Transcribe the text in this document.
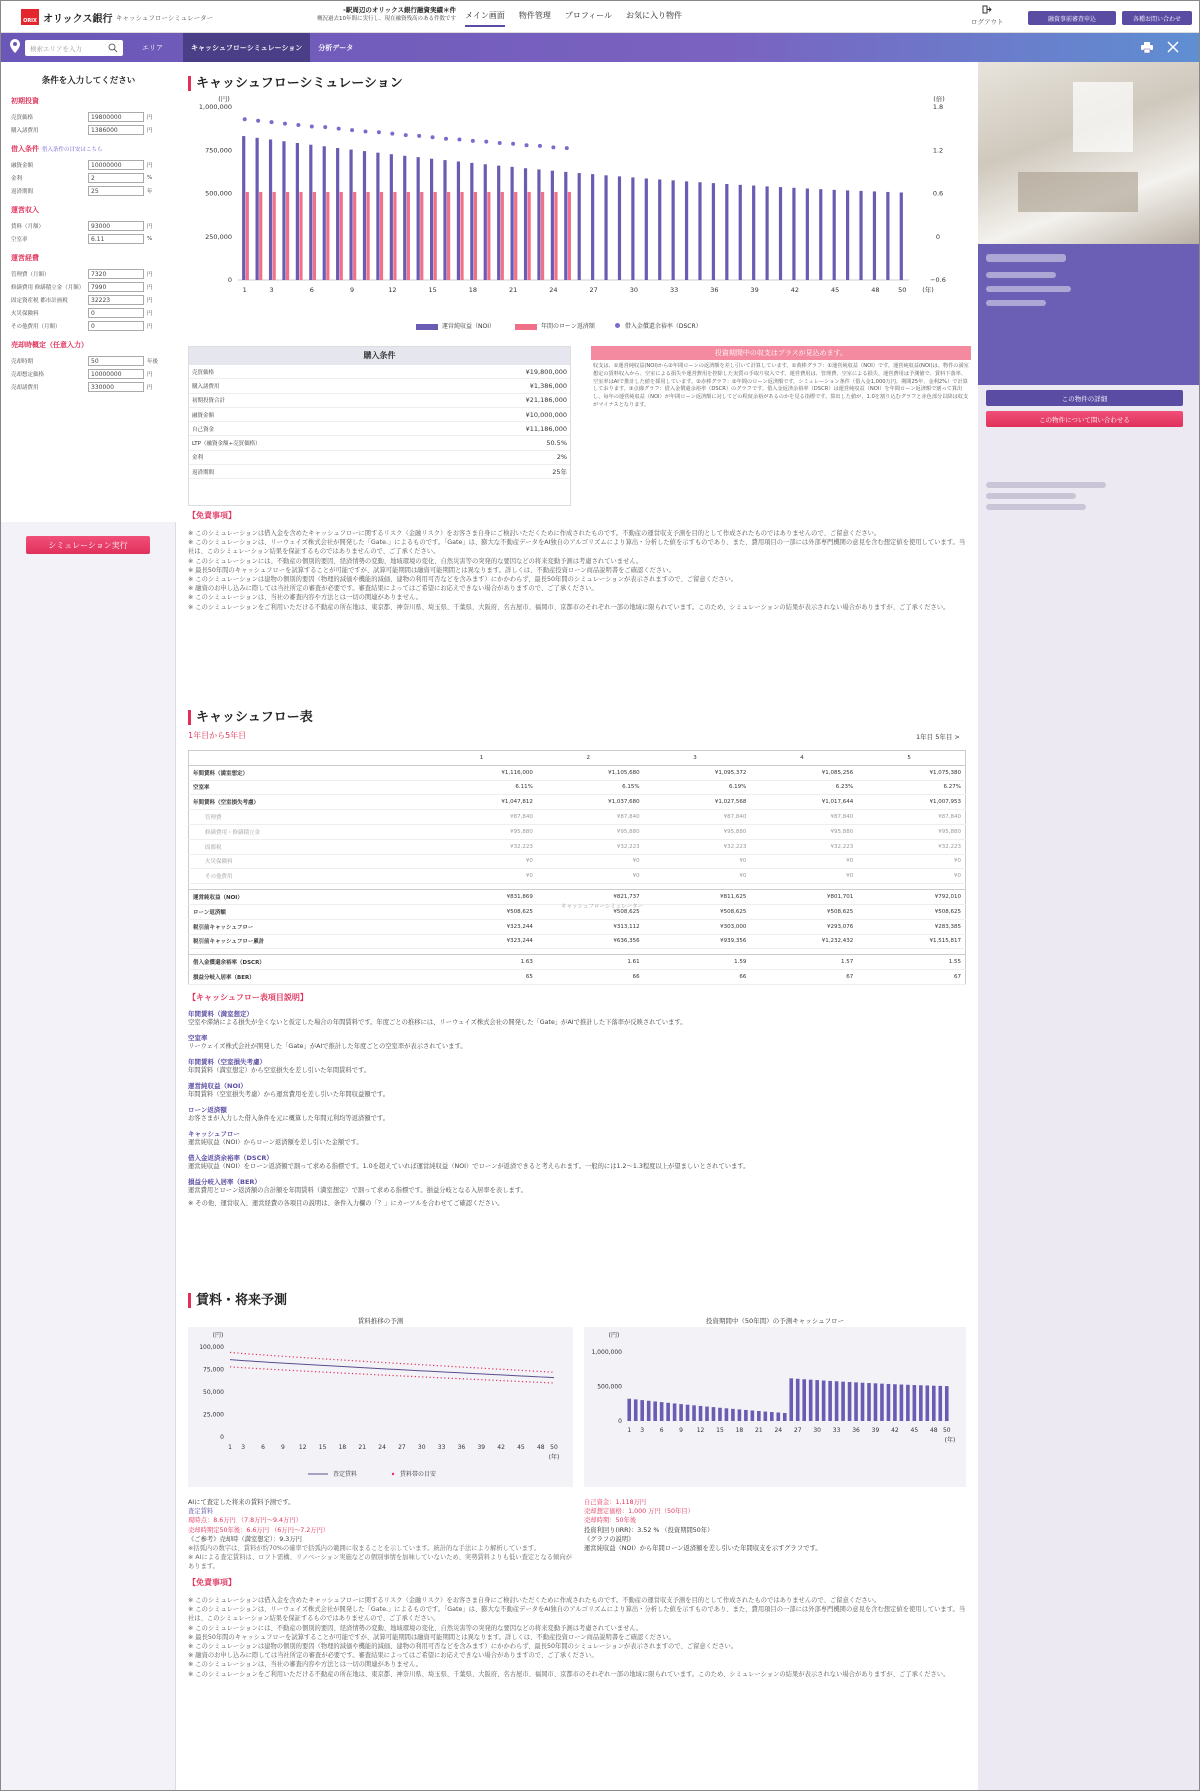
ORIX オリックス銀行 キャッシュフローシミュレーター
-駅周辺のオリックス銀行融資実績＊件
概況過去10年間に実行し、現在融資残高のある件数です メイン画面 物件管理 プロフィール お気に入り物件

ログアウト	融資事前審査申込	各種お問い合わせ
検索エリアを入力	エリア	キャッシュフローシミュレーション	分析データ
条件を入力してください
初期投資
売買価格	19800000	円
購入諸費用	1386000	円
借入条件 借入条件の目安はこちら
融資金額	10000000	円
金利	2	%
返済期間	25	年
運営収入
賃料（月額）	93000	円
空室率	6.11	%
運営経費
管理費（月額）	7320	円
修繕費用 修繕積立金（月額）	7990	円
固定資産税 都市計画税	32223	円
火災保険料	0	円
その他費用（月額）	0	円
売却時概定（任意入力）
売却時期	50	年後
売却想定価格	10000000	円
売却諸費用	330000	円
シミュレーション実行
キャッシュフローシミュレーション
(円)	(倍)
1,000,000
750,000
500,000
250,000
0
1.8
1.2
0.6
0
−0.6
1	3	6	9	12	15	18	21	24	27	30	33	36	39	42	45	48	50 (年)
運営純収益（NOI）	年間のローン返済額	借入金償還余裕率（DSCR）
購入条件
売買価格	¥19,800,000
購入諸費用	¥1,386,000
初期投資合計	¥21,186,000
融資金額	¥10,000,000
自己資金	¥11,186,000
LTP（融資金額÷売買価格）	50.5%
金利	2%
返済期間	25年
投資期間中の収支はプラスが見込めます。

収支は、①運営純収益(NOI)から②年間ローンの返済額を差し引いて計算しています。①黄棒グラフ：①運営純収益（NOI）です。運営純収益(NOI)は、物件の満室想定の賃料収入から、空室による損失や運営費用を控除した実質の手取り収入です。運営費用は、管理費、空室による損失、運営費用は予測値で、賃料下落率、空室率はAIで推計した値を採用しています。②赤棒グラフ：②年間のローン返済額です。シミュレーション条件（借入金1,000万円、期間25年、金利2%）で計算しております。③点線グラフ：借入金償還余裕率（DSCR）のグラフです。借入金返済余裕率（DSCR）は運営純収益（NOI）を年間ローン返済額で割って算出し、毎年の運営純収益（NOI）が年間ローン返済額に対してどの程度余裕があるのかを見る指標です。算出した値が、1.0を割り込むグラフと赤色部分以降は収支がマイナスとなります。

【免責事項】

※ このシミュレーションは借入金を含めたキャッシュフローに関するリスク（金融リスク）をお客さま自身にご検討いただくために作成されたものです。不動産の運営収支予測を目的として作成されたものではありませんので、ご留意ください。

※ このシミュレーションは、リーウェイズ株式会社が開発した「Gate.」によるものです。「Gate」は、膨大な不動産データをAI独自のアルゴリズムにより算出・分析した値を示すものであり、また、費用項目の一部には外部専門機関の意見を含む想定値を使用しています。当社は、このシミュレーション結果を保証するものではありませんので、ご了承ください。

※ このシミュレーションには、不動産の個別的要因、経済情勢の変動、地域環境の変化、自然災害等の突発的な要因などの将来変動予測は考慮されていません。

※ 最長50年間のキャッシュフローを試算することが可能ですが、試算可能期間は融資可能期間とは異なります。詳しくは、不動産投資ローン商品説明書をご確認ください。

※ このシミュレーションは建物の個別的要因（物理的減価や機能的減価、建物の利用可否などを含みます）にかかわらず、最長50年間のシミュレーションが表示されますので、ご留意ください。

※ 融資のお申し込みに際しては当社所定の審査が必要です。審査結果によってはご希望にお応えできない場合がありますので、ご了承ください。

※ このシミュレーションは、当社の審査内容や方法とは一切の関連がありません。

※ このシミュレーションをご利用いただける不動産の所在地は、東京都、神奈川県、埼玉県、千葉県、大阪府、名古屋市、福岡市、京都市のそれぞれ一部の地域に限られています。このため、シミュレーションの結果が表示されない場合がありますが、ご了承ください。

キャッシュフロー表
1年目から5年目	1年目 5年目 >
	1	2	3	4	5
年間賃料（満室想定）	¥1,116,000	¥1,105,680	¥1,095,372	¥1,085,256	¥1,075,380
空室率	6.11%	6.15%	6.19%	6.23%	6.27%
年間賃料（空室損失考慮）	¥1,047,812	¥1,037,680	¥1,027,568	¥1,017,644	¥1,007,953
管理費	¥87,840	¥87,840	¥87,840	¥87,840	¥87,840
修繕費用・修繕積立金	¥95,880	¥95,880	¥95,880	¥95,880	¥95,880
固都税	¥32,223	¥32,223	¥32,223	¥32,223	¥32,223
火災保険料	¥0	¥0	¥0	¥0	¥0
その他費用	¥0	¥0	¥0	¥0	¥0

運営純収益（NOI）	¥831,869	¥821,737	¥811,625	¥801,701	¥792,010
ローン返済額	¥508,625	¥508,625	¥508,625	¥508,625	¥508,625
税引前キャッシュフロー	¥323,244	¥313,112	¥303,000	¥293,076	¥283,385
税引前キャッシュフロー累計	¥323,244	¥636,356	¥939,356	¥1,232,432	¥1,515,817

借入金償還余裕率（DSCR）	1.63	1.61	1.59	1.57	1.55
損益分岐入居率（BER）	65	66	66	67	67
キャッシュフローシミュレーター
【キャッシュフロー表項目説明】
年間賃料（満室想定）

空室や滞納による損失が全くないと仮定した場合の年間賃料です。年度ごとの推移には、リーウェイズ株式会社の開発した「Gate」がAIで推計した下落率が反映されています。

空室率

リーウェイズ株式会社が開発した「Gate」がAIで推計した年度ごとの空室率が表示されています。

年間賃料（空室損失考慮）

年間賃料（満室想定）から空室損失を差し引いた年間賃料です。

運営純収益（NOI）

年間賃料（空室損失考慮）から運営費用を差し引いた年間収益額です。

ローン返済額

お客さまが入力した借入条件を元に概算した年間元利均等返済額です。

キャッシュフロー

運営純収益（NOI）からローン返済額を差し引いた金額です。

借入金返済余裕率（DSCR）

運営純収益（NOI）をローン返済額で割って求める指標です。1.0を超えていれば運営純収益（NOI）でローンが返済できると考えられます。一般的には1.2～1.3程度以上が望ましいとされています。

損益分岐入居率（BER）

運営費用とローン返済額の合計額を年間賃料（満室想定）で割って求める指標です。損益分岐となる入居率を表します。

※ その他、運営収入、運営経費の各項目の説明は、条件入力欄の「？」にカーソルを合わせてご確認ください。

賃料・将来予測
賃料推移の予測	投資期間中（50年間）の予測キャッシュフロー
(円)
100,000
75,000
50,000
25,000
0
1 3	6	9 12 15 18 21 24 27 30 33 36 39 42 45 48 50
(年)
査定賃料	賃料帯の目安
(円)
1,000,000
500,000
0
1 3	6	9 12 15 18 21 24 27 30 33 36 39 42 45 48 50
(年)
AIにて査定した将来の賃料予測です。
査定賃料
現時点：8.6万円 （7.8万円〜9.4万円）
売却時期定50年後：6.6万円 （6万円〜7.2万円）
《ご参考》売却時（満室想定）：9.3万円
※括弧内の数字は、賃料が約70%の確率で括弧内の範囲に収まることを示しています。統計的な手法により解析しています。
※ AIによる査定賃料は、ロフト需構、リノベーション実施などの個別事情を加味していないため、実勢賃料よりも低い査定となる傾向があります。
自己資金：1,118万円
売却想定価格：1,000 万円（50年目）
売却時期：50年後
投資利回り(IRR)：3.52 % （投資期間50年）
《グラフの説明》
運営純収益（NOI）から年間ローン返済額を差し引いた年間収支を示すグラフです。
【免責事項】

※ このシミュレーションは借入金を含めたキャッシュフローに関するリスク（金融リスク）をお客さま自身にご検討いただくために作成されたものです。不動産の運営収支予測を目的として作成されたものではありませんので、ご留意ください。

※ このシミュレーションは、リーウェイズ株式会社が開発した「Gate.」によるものです。「Gate」は、膨大な不動産データをAI独自のアルゴリズムにより算出・分析した値を示すものであり、また、費用項目の一部には外部専門機関の意見を含む想定値を使用しています。当社は、このシミュレーション結果を保証するものではありませんので、ご了承ください。

※ このシミュレーションには、不動産の個別的要因、経済情勢の変動、地域環境の変化、自然災害等の突発的な要因などの将来変動予測は考慮されていません。

※ 最長50年間のキャッシュフローを試算することが可能ですが、試算可能期間は融資可能期間とは異なります。詳しくは、不動産投資ローン商品説明書をご確認ください。

※ このシミュレーションは建物の個別的要因（物理的減価や機能的減価、建物の利用可否などを含みます）にかかわらず、最長50年間のシミュレーションが表示されますので、ご留意ください。

※ 融資のお申し込みに際しては当社所定の審査が必要です。審査結果によってはご希望にお応えできない場合がありますので、ご了承ください。

※ このシミュレーションは、当社の審査内容や方法とは一切の関連がありません。

※ このシミュレーションをご利用いただける不動産の所在地は、東京都、神奈川県、埼玉県、千葉県、大阪府、名古屋市、福岡市、京都市のそれぞれ一部の地域に限られています。このため、シミュレーションの結果が表示されない場合がありますが、ご了承ください。

この物件の詳細
この物件について問い合わせる
